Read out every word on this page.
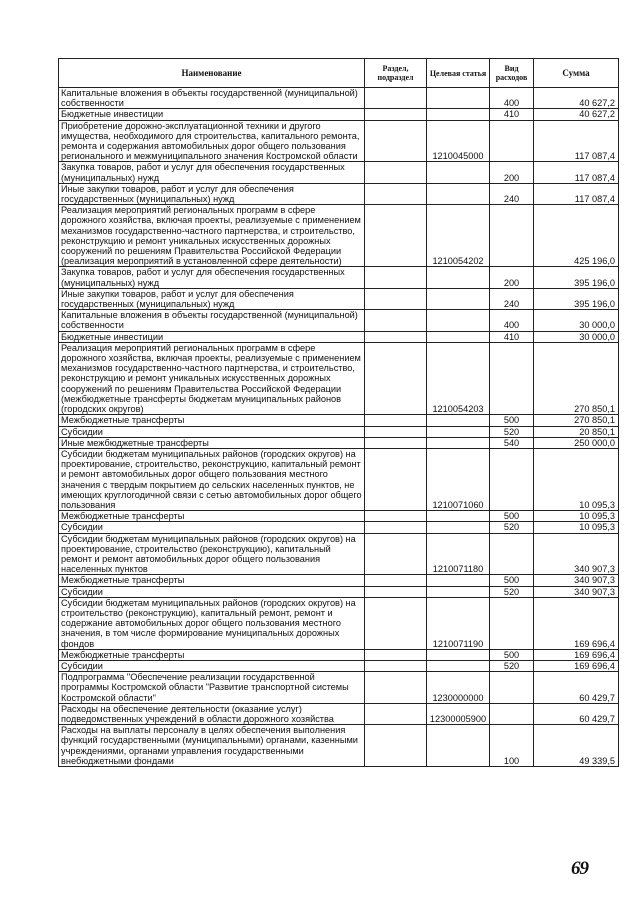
Наименование	Раздел, подраздел	Целевая статья	Вид расходов	Сумма
Капитальные вложения в объекты государственной (муниципальной) собственности			400	40 627,2
Бюджетные инвестиции			410	40 627,2
Приобретение дорожно-эксплуатационной техники и другого имущества, необходимого для строительства, капитального ремонта, ремонта и содержания автомобильных дорог общего пользования регионального и межмуниципального значения Костромской области		1210045000		117 087,4
Закупка товаров, работ и услуг для обеспечения государственных (муниципальных) нужд			200	117 087,4
Иные закупки товаров, работ и услуг для обеспечения государственных (муниципальных) нужд			240	117 087,4
Реализация мероприятий региональных программ в сфере дорожного хозяйства, включая проекты, реализуемые с применением механизмов государственно-частного партнерства, и строительство, реконструкцию и ремонт уникальных искусственных дорожных сооружений по решениям Правительства Российской Федерации (реализация мероприятий в установленной сфере деятельности)		1210054202		425 196,0
Закупка товаров, работ и услуг для обеспечения государственных (муниципальных) нужд			200	395 196,0
Иные закупки товаров, работ и услуг для обеспечения государственных (муниципальных) нужд			240	395 196,0
Капитальные вложения в объекты государственной (муниципальной) собственности			400	30 000,0
Бюджетные инвестиции			410	30 000,0
Реализация мероприятий региональных программ в сфере дорожного хозяйства, включая проекты, реализуемые с применением механизмов государственно-частного партнерства, и строительство, реконструкцию и ремонт уникальных искусственных дорожных сооружений по решениям Правительства Российской Федерации (межбюджетные трансферты бюджетам муниципальных районов (городских округов)		1210054203		270 850,1
Межбюджетные трансферты			500	270 850,1
Субсидии			520	20 850,1
Иные межбюджетные трансферты			540	250 000,0
Субсидии бюджетам муниципальных районов (городских округов) на проектирование, строительство, реконструкцию, капитальный ремонт и ремонт автомобильных дорог общего пользования местного значения с твердым покрытием до сельских населенных пунктов, не имеющих круглогодичной связи с сетью автомобильных дорог общего пользования		1210071060		10 095,3
Межбюджетные трансферты			500	10 095,3
Субсидии			520	10 095,3
Субсидии бюджетам муниципальных районов (городских округов) на проектирование, строительство (реконструкцию), капитальный ремонт и ремонт автомобильных дорог общего пользования населенных пунктов		1210071180		340 907,3
Межбюджетные трансферты			500	340 907,3
Субсидии			520	340 907,3
Субсидии бюджетам муниципальных районов (городских округов) на строительство (реконструкцию), капитальный ремонт, ремонт и содержание автомобильных дорог общего пользования местного значения, в том числе формирование муниципальных дорожных фондов		1210071190		169 696,4
Межбюджетные трансферты			500	169 696,4
Субсидии			520	169 696,4
Подпрограмма "Обеспечение реализации государственной программы Костромской области "Развитие транспортной системы Костромской области"		1230000000		60 429,7
Расходы на обеспечение деятельности (оказание услуг) подведомственных учреждений в области дорожного хозяйства		12300005900		60 429,7
Расходы на выплаты персоналу в целях обеспечения выполнения функций государственными (муниципальными) органами, казенными учреждениями, органами управления государственными внебюджетными фондами			100	49 339,5
69
